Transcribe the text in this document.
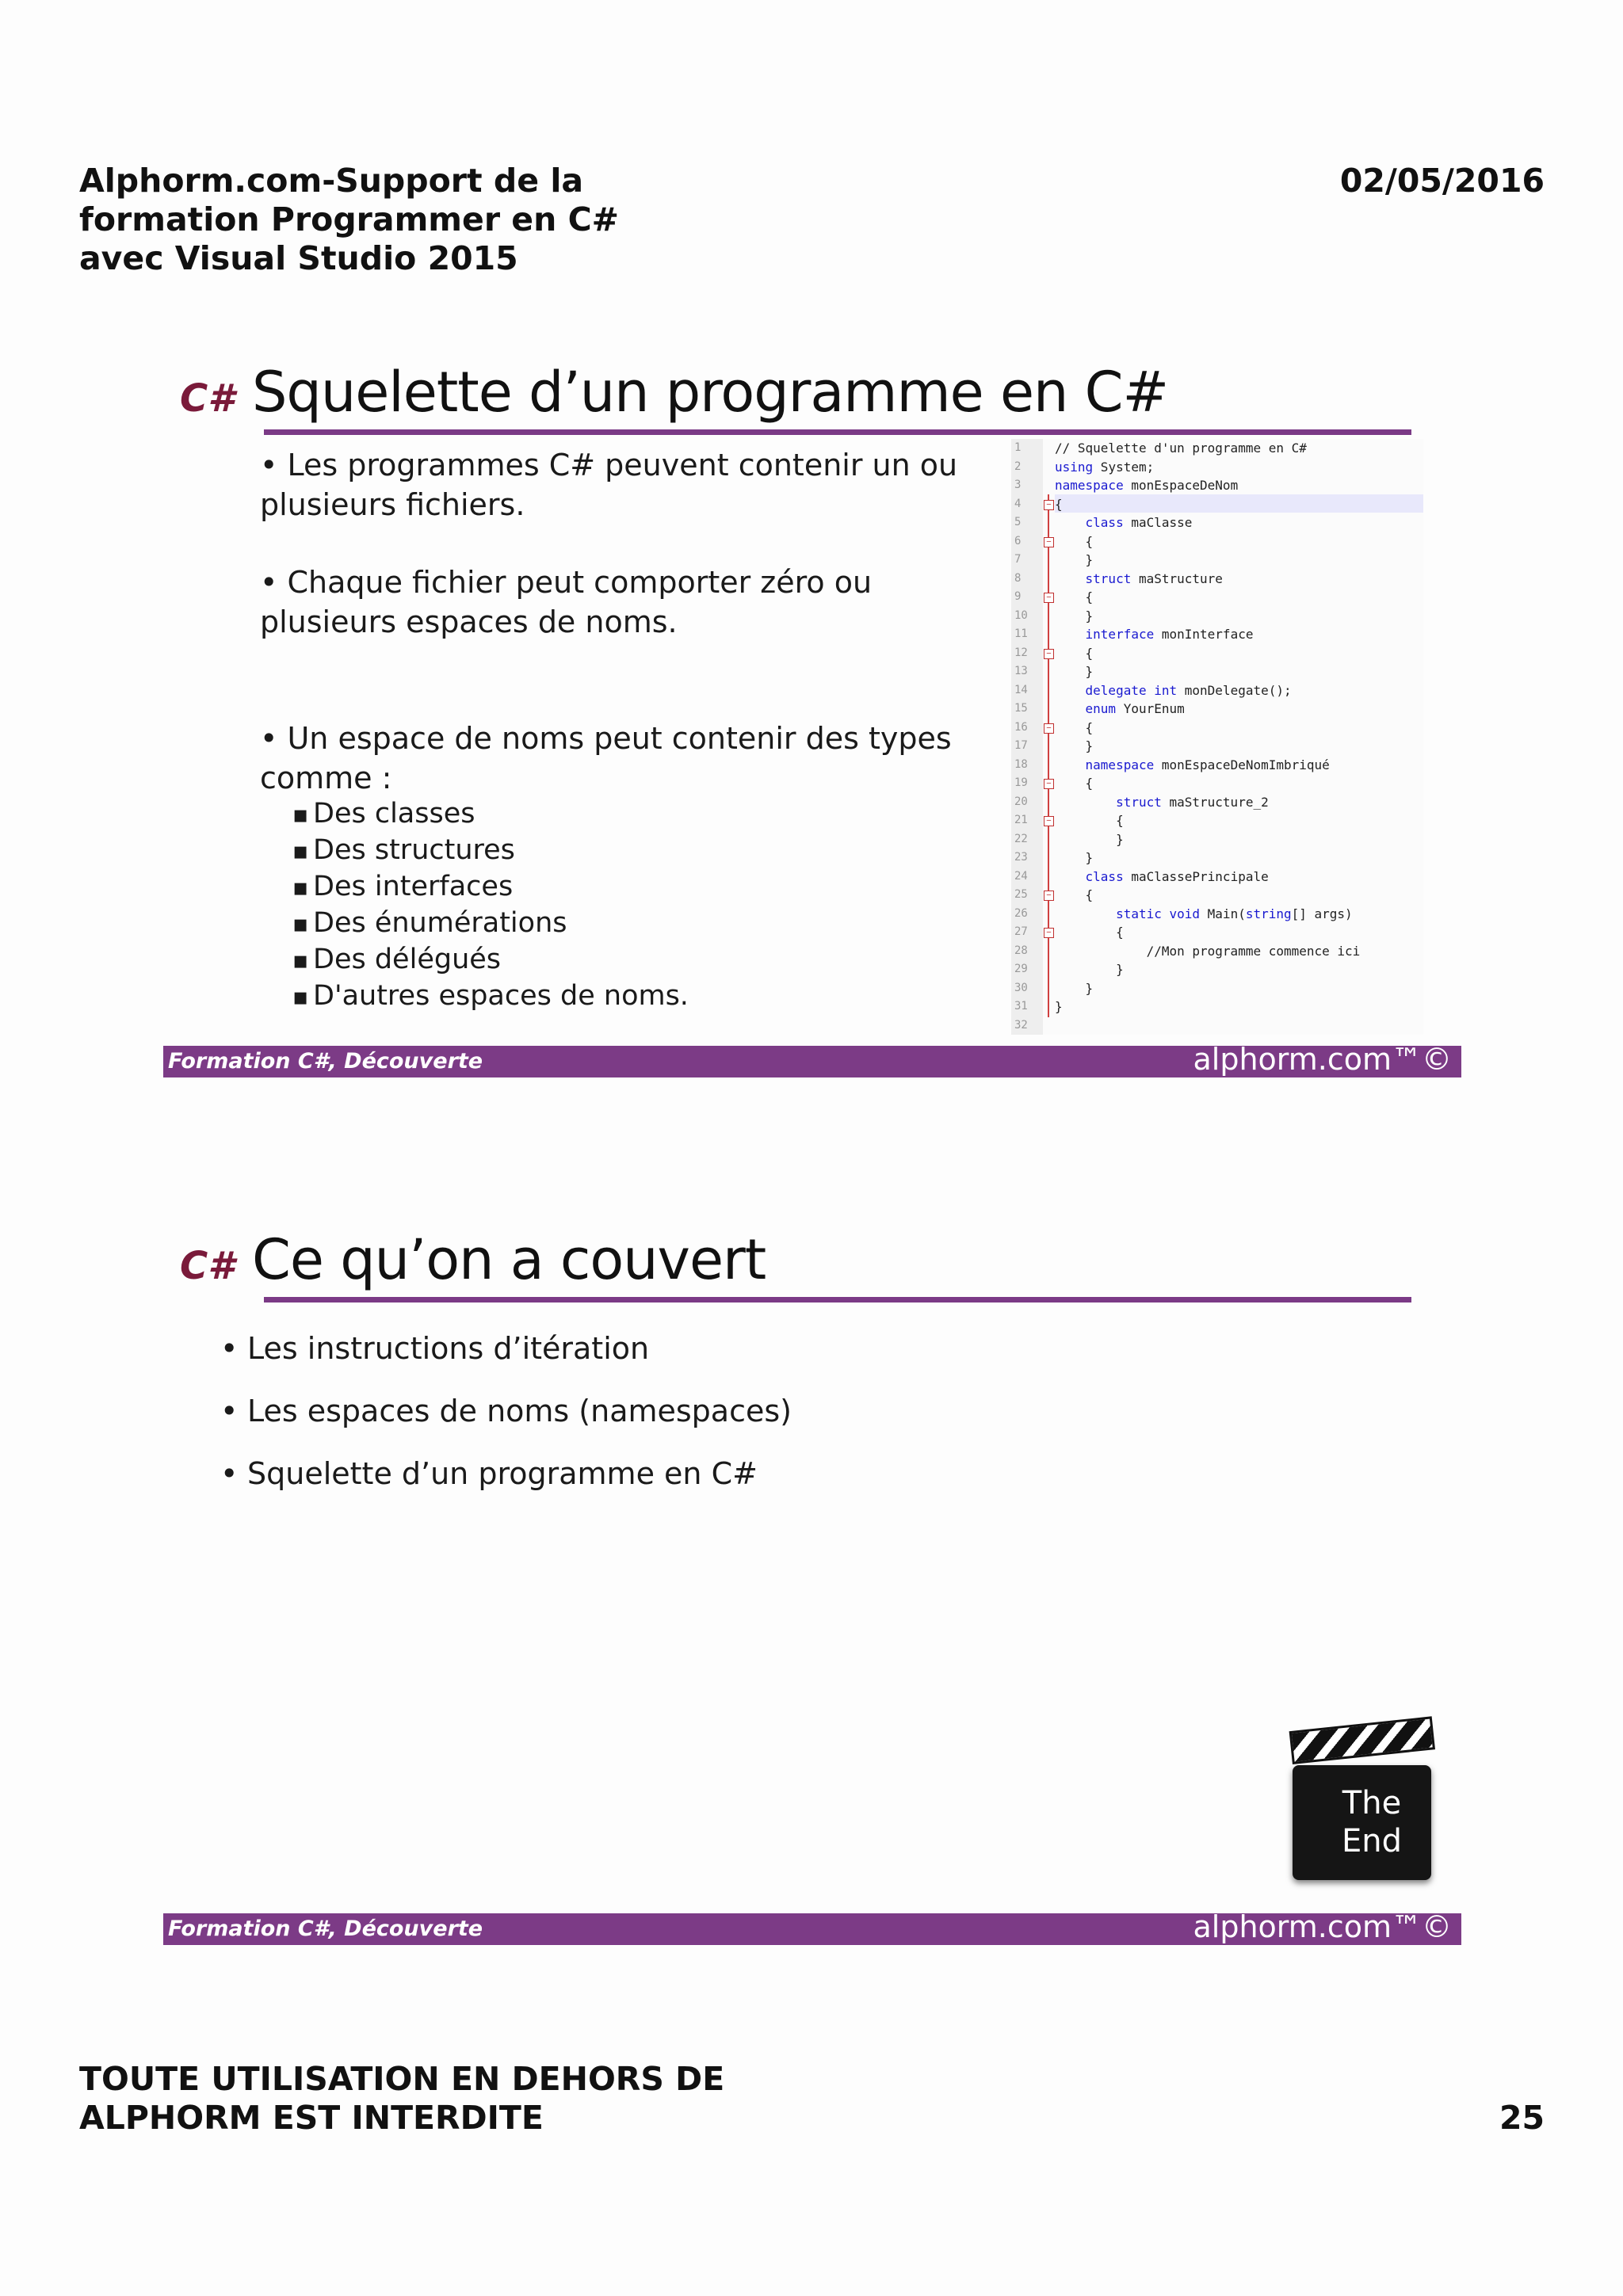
Alphorm.com-Support de la formation Programmer en C# avec Visual Studio 2015
02/05/2016
C# Squelette d’un programme en C#

• Les programmes C# peuvent contenir un ou plusieurs fichiers.

• Chaque fichier peut comporter zéro ou plusieurs espaces de noms.

• Un espace de noms peut contenir des types comme :

▪ Des classes
▪ Des structures
▪ Des interfaces
▪ Des énumérations
▪ Des délégués
▪ D'autres espaces de noms.
1	// Squelette d'un programme en C#
2	using System;
3	namespace monEspaceDeNom
4	{
−
5	class maClasse
6	{
−
7	}
8	struct maStructure
9	{
−
10	}
11	interface monInterface
12	{
−
13	}
14	delegate int monDelegate();
15	enum YourEnum
16	{
−
17	}
18	namespace monEspaceDeNomImbriqué
19	{
−
20	struct maStructure_2
21	{
−
22	}
23	}
24	class maClassePrincipale
25	{
−
26	static void Main(string[] args)
27	{
−
28	//Mon programme commence ici
29	}
30	}
31	}
32
Formation C#, Découverte	alphorm.com™©
C# Ce qu’on a couvert
• Les instructions d’itération
• Les espaces de noms (namespaces)
• Squelette d’un programme en C#
The End
Formation C#, Découverte	alphorm.com™©
TOUTE UTILISATION EN DEHORS DE ALPHORM EST INTERDITE	25
